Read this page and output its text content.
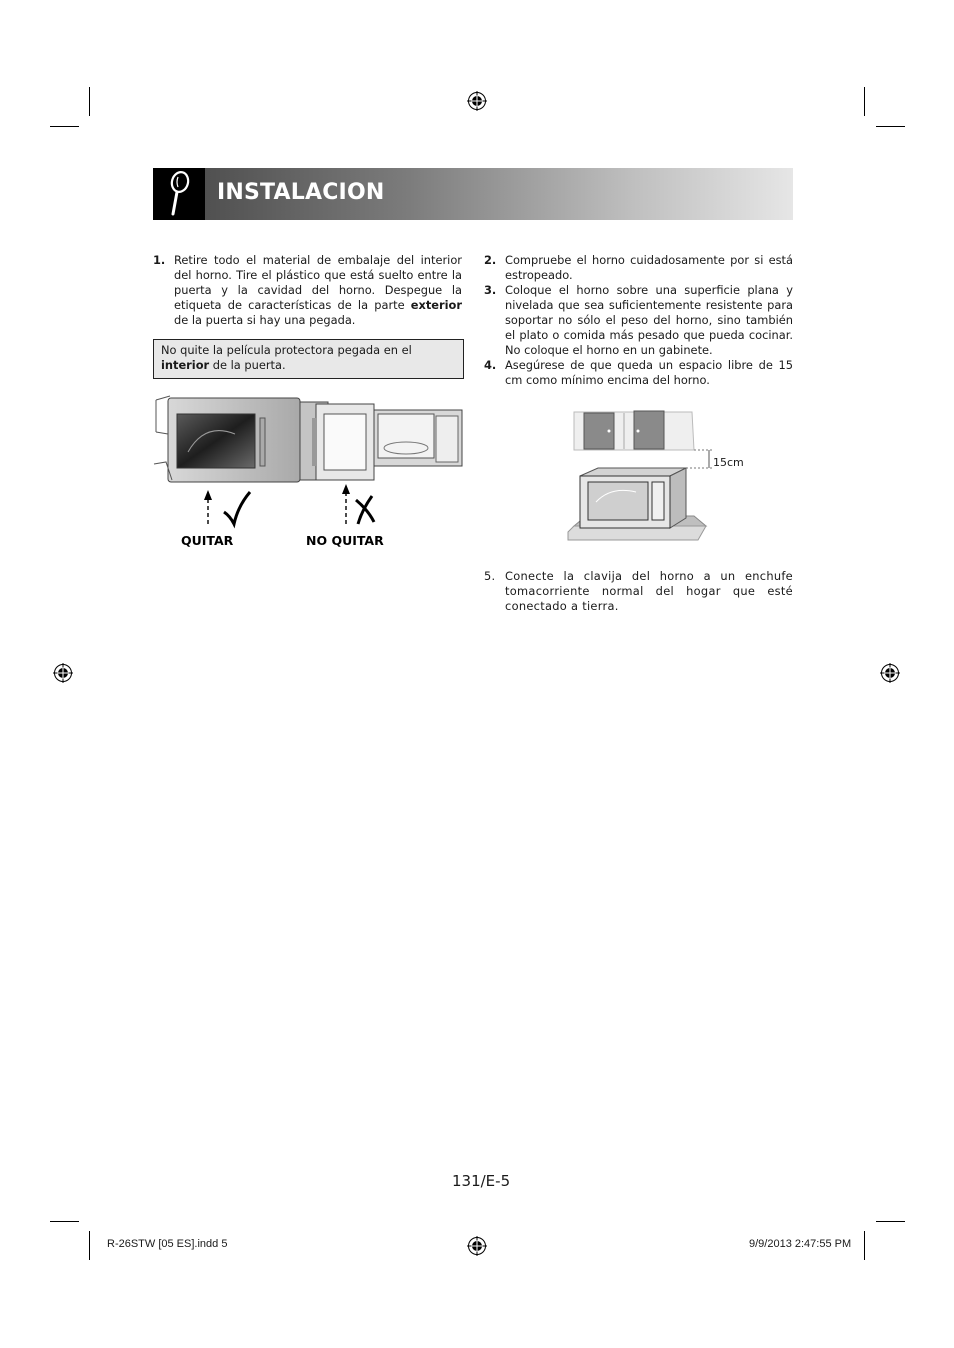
INSTALACION

1. Retire todo el material de embalaje del interior del horno. Tire el plástico que está suelto entre la puerta y la cavidad del horno. Despegue la etiqueta de características de la parte exterior de la puerta si hay una pegada.

No quite la película protectora pegada en el interior de la puerta.
QUITAR	NO QUITAR

2. Compruebe el horno cuidadosamente por si está estropeado.

3. Coloque el horno sobre una superficie plana y nivelada que sea suficientemente resistente para soportar no sólo el peso del horno, sino también el plato o comida más pesado que pueda cocinar. No coloque el horno en un gabinete.

4. Asegúrese de que queda un espacio libre de 15 cm como mínimo encima del horno.

15cm

5. Conecte la clavija del horno a un enchufe tomacorriente normal del hogar que esté conectado a tierra.

131/E-5
R-26STW [05 ES].indd 5	9/9/2013 2:47:55 PM
